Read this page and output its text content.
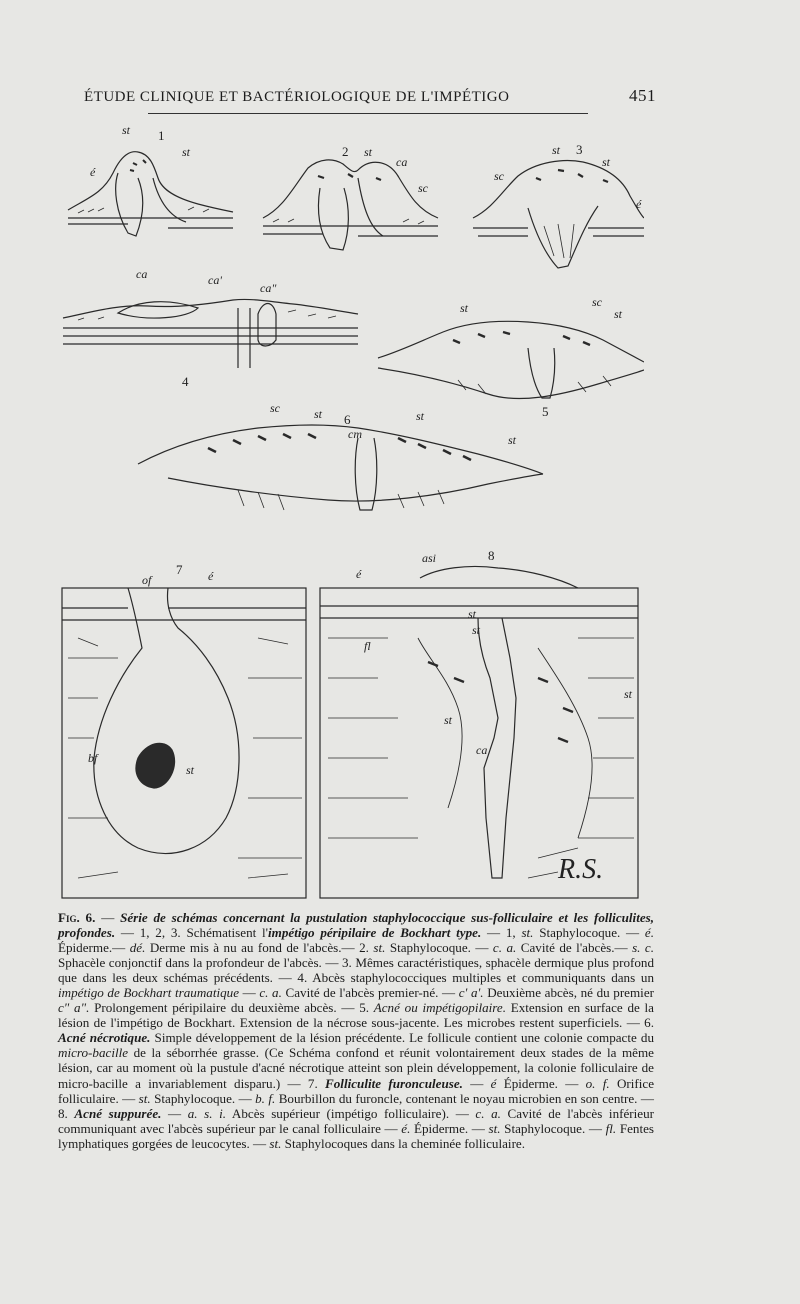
ÉTUDE CLINIQUE ET BACTÉRIOLOGIQUE DE L'IMPÉTIGO	451
1
2	3
4
5
6
7
8
st
st
é
st
ca
sc
st
sc
st
é
ca	ca'
ca"
st	sc
st
sc	st	st
st
cm
of	é
bf
st
asi
é
st
st
fl
st
st
ca
R.S.
Fig. 6. — Série de schémas concernant la pustulation staphylococcique sus-folliculaire et les folliculites, profondes. — 1, 2, 3. Schématisent l'impétigo péripilaire de Bockhart type. — 1, st. Staphylocoque. — é. Épiderme.— dé. Derme mis à nu au fond de l'abcès.— 2. st. Staphylocoque. — c. a. Cavité de l'abcès.— s. c. Sphacèle conjonctif dans la profondeur de l'abcès. — 3. Mêmes caractéristiques, sphacèle dermique plus profond que dans les deux schémas précédents. — 4. Abcès staphylococciques multiples et communiquants dans un impétigo de Bockhart traumatique — c. a. Cavité de l'abcès premier-né. — c' a'. Deuxième abcès, né du premier c" a". Prolongement péripilaire du deuxième abcès. — 5. Acné ou impétigopilaire. Extension en surface de la lésion de l'impétigo de Bockhart. Extension de la nécrose sous-jacente. Les microbes restent superficiels. — 6. Acné nécrotique. Simple développement de la lésion précédente. Le follicule contient une colonie compacte du micro-bacille de la séborrhée grasse. (Ce Schéma confond et réunit volontairement deux stades de la même lésion, car au moment où la pustule d'acné nécrotique atteint son plein développement, la colonie folliculaire de micro-bacille a invariablement disparu.) — 7. Folliculite furonculeuse. — é Épiderme. — o. f. Orifice folliculaire. — st. Staphylocoque. — b. f. Bourbillon du furoncle, contenant le noyau microbien en son centre. — 8. Acné suppurée. — a. s. i. Abcès supérieur (impétigo folliculaire). — c. a. Cavité de l'abcès inférieur communiquant avec l'abcès supérieur par le canal folliculaire — é. Épiderme. — st. Staphylocoque. — fl. Fentes lymphatiques gorgées de leucocytes. — st. Staphylocoques dans la cheminée folliculaire.
